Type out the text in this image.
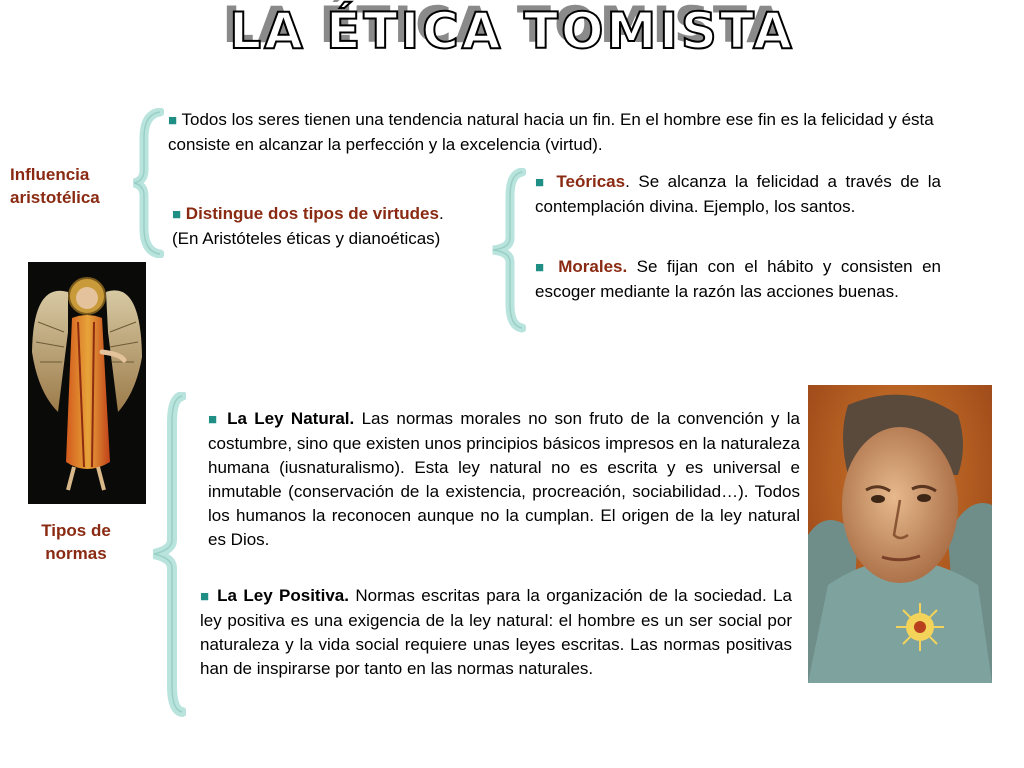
LA ÉTICA TOMISTA
Influencia aristotélica
■ Todos los seres tienen una tendencia natural hacia un fin. En el hombre ese fin es la felicidad y ésta consiste en alcanzar la perfección y la excelencia (virtud).
■ Distingue dos tipos de virtudes. (En Aristóteles éticas y dianoéticas)
■ Teóricas. Se alcanza la felicidad a través de la contemplación divina. Ejemplo, los santos.
■ Morales. Se fijan con el hábito y consisten en escoger mediante la razón las acciones buenas.
Tipos de normas
■ La Ley Natural. Las normas morales no son fruto de la convención y la costumbre, sino que existen unos principios básicos impresos en la naturaleza humana (iusnaturalismo). Esta ley natural no es escrita y es universal e inmutable (conservación de la existencia, procreación, sociabilidad…). Todos los humanos la reconocen aunque no la cumplan. El origen de la ley natural es Dios.
■ La Ley Positiva. Normas escritas para la organización de la sociedad. La ley positiva es una exigencia de la ley natural: el hombre es un ser social por naturaleza y la vida social requiere unas leyes escritas. Las normas positivas han de inspirarse por tanto en las normas naturales.
